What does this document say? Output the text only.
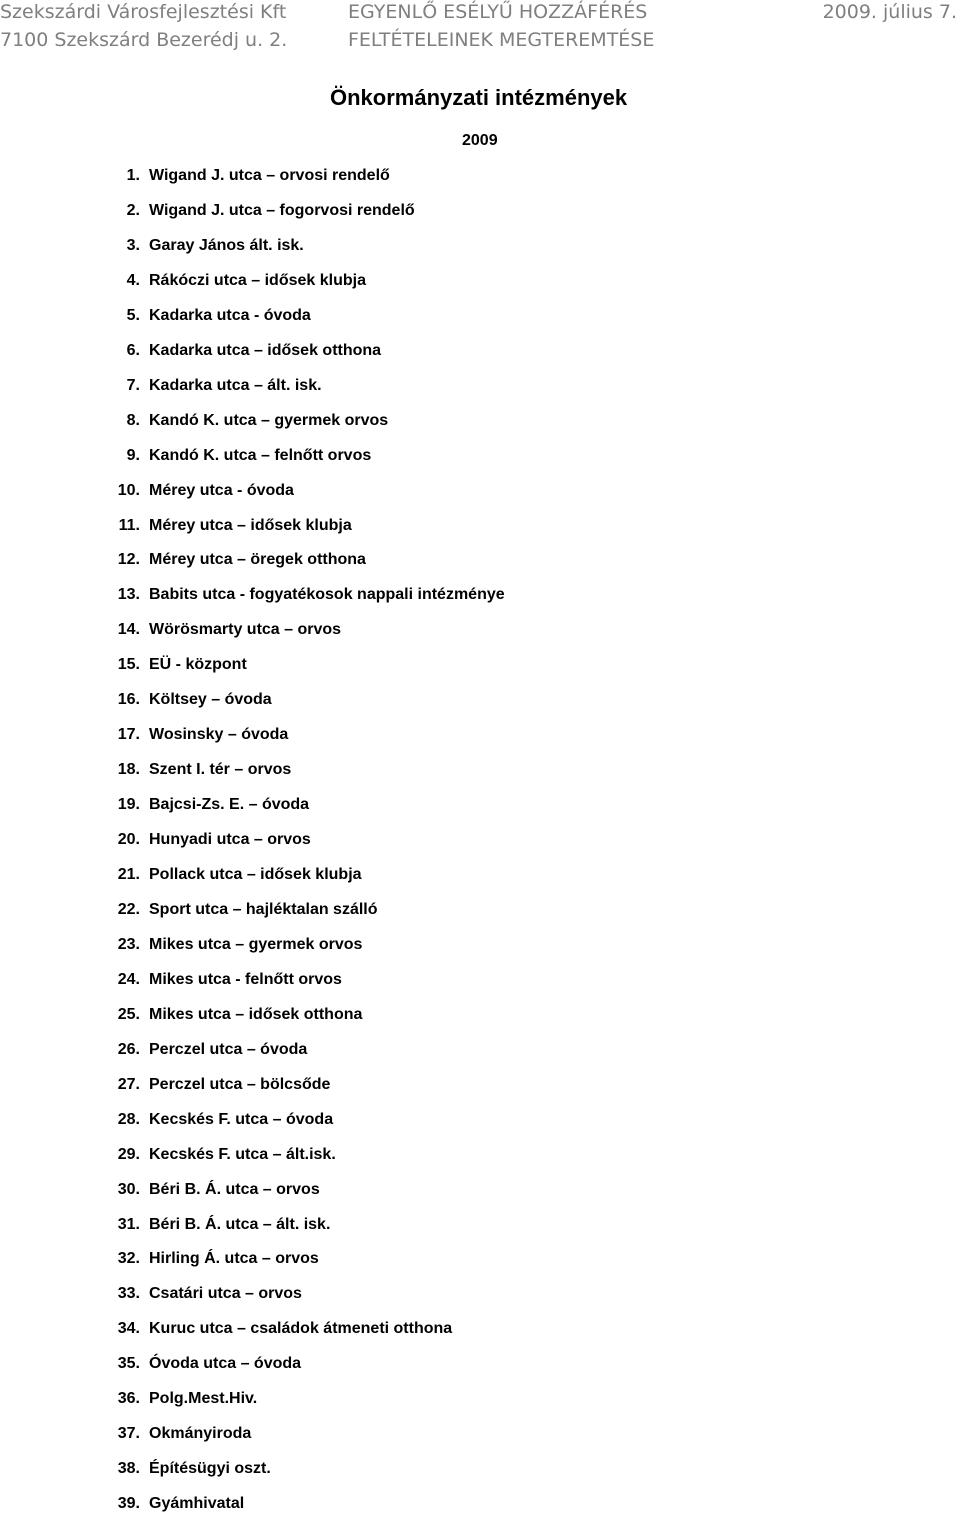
Szekszárdi Városfejlesztési Kft
7100 Szekszárd Bezerédj u. 2.
EGYENLŐ ESÉLYŰ HOZZÁFÉRÉS
FELTÉTELEINEK MEGTEREMTÉSE
2009. július 7.
Önkormányzati intézmények
2009
1. Wigand J. utca – orvosi rendelő
2. Wigand J. utca – fogorvosi rendelő
3. Garay János ált. isk.
4. Rákóczi utca – idősek klubja
5. Kadarka utca - óvoda
6. Kadarka utca – idősek otthona
7. Kadarka utca – ált. isk.
8. Kandó K. utca – gyermek orvos
9. Kandó K. utca – felnőtt orvos
10. Mérey utca - óvoda
11. Mérey utca – idősek klubja
12. Mérey utca – öregek otthona
13. Babits utca - fogyatékosok nappali intézménye
14. Wörösmarty utca – orvos
15. EÜ - központ
16. Költsey – óvoda
17. Wosinsky – óvoda
18. Szent I. tér – orvos
19. Bajcsi-Zs. E. – óvoda
20. Hunyadi utca – orvos
21. Pollack utca – idősek klubja
22. Sport utca – hajléktalan szálló
23. Mikes utca – gyermek orvos
24. Mikes utca - felnőtt orvos
25. Mikes utca – idősek otthona
26. Perczel utca – óvoda
27. Perczel utca – bölcsőde
28. Kecskés F. utca – óvoda
29. Kecskés F. utca – ált.isk.
30. Béri B. Á. utca – orvos
31. Béri B. Á. utca – ált. isk.
32. Hirling Á. utca – orvos
33. Csatári utca – orvos
34. Kuruc utca – családok átmeneti otthona
35. Óvoda utca – óvoda
36. Polg.Mest.Hiv.
37. Okmányiroda
38. Építésügyi oszt.
39. Gyámhivatal
